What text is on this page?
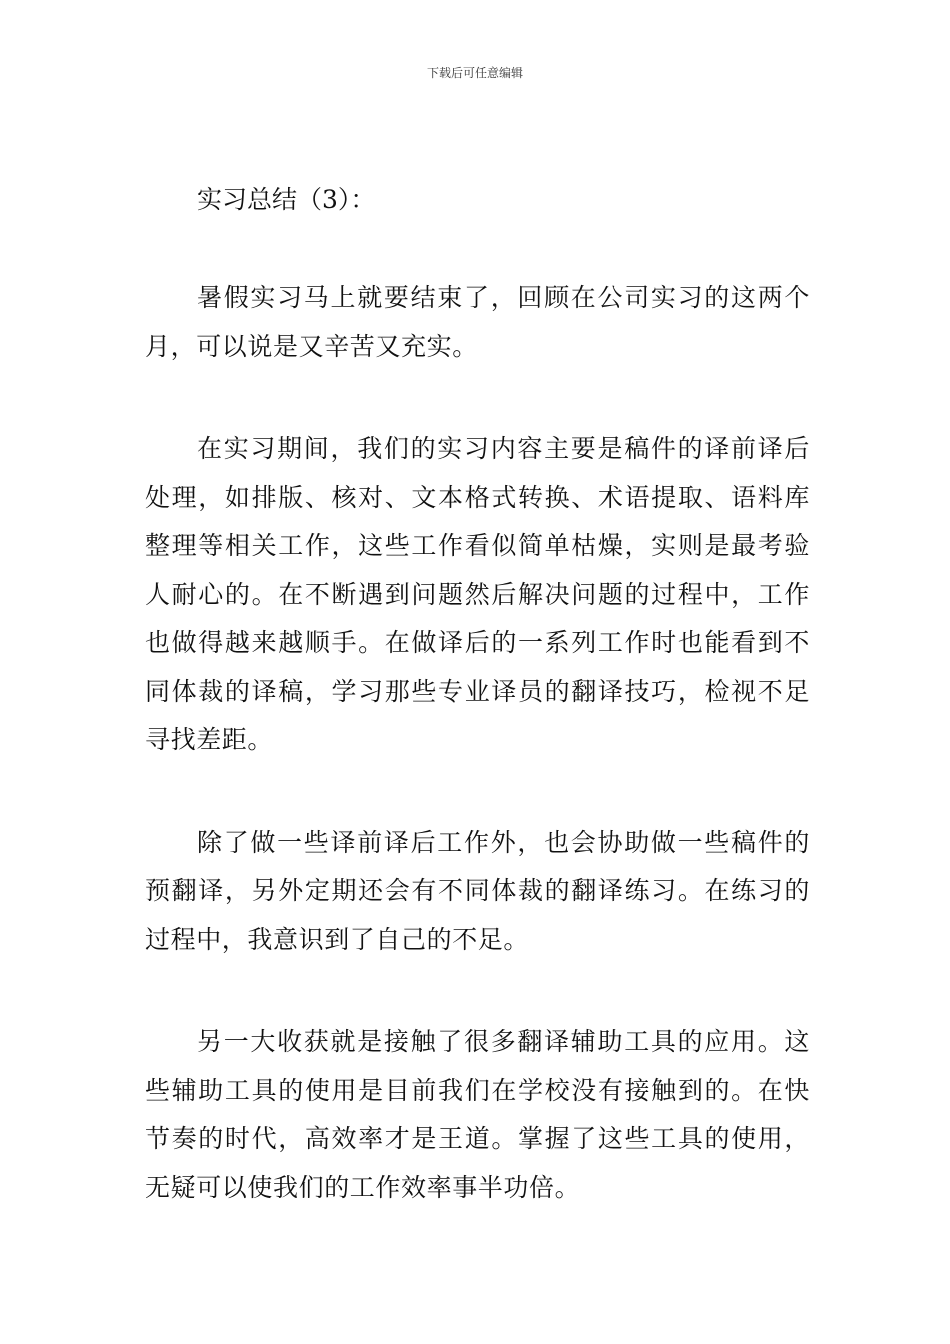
下载后可任意编辑
实习总结（3）：

暑假实习马上就要结束了，回顾在公司实习的这两个月，可以说是又辛苦又充实。

在实习期间，我们的实习内容主要是稿件的译前译后处理，如排版、核对、文本格式转换、术语提取、语料库整理等相关工作，这些工作看似简单枯燥，实则是最考验人耐心的。在不断遇到问题然后解决问题的过程中，工作也做得越来越顺手。在做译后的一系列工作时也能看到不同体裁的译稿，学习那些专业译员的翻译技巧，检视不足寻找差距。

除了做一些译前译后工作外，也会协助做一些稿件的预翻译，另外定期还会有不同体裁的翻译练习。在练习的过程中，我意识到了自己的不足。

另一大收获就是接触了很多翻译辅助工具的应用。这些辅助工具的使用是目前我们在学校没有接触到的。在快节奏的时代，高效率才是王道。掌握了这些工具的使用，无疑可以使我们的工作效率事半功倍。
